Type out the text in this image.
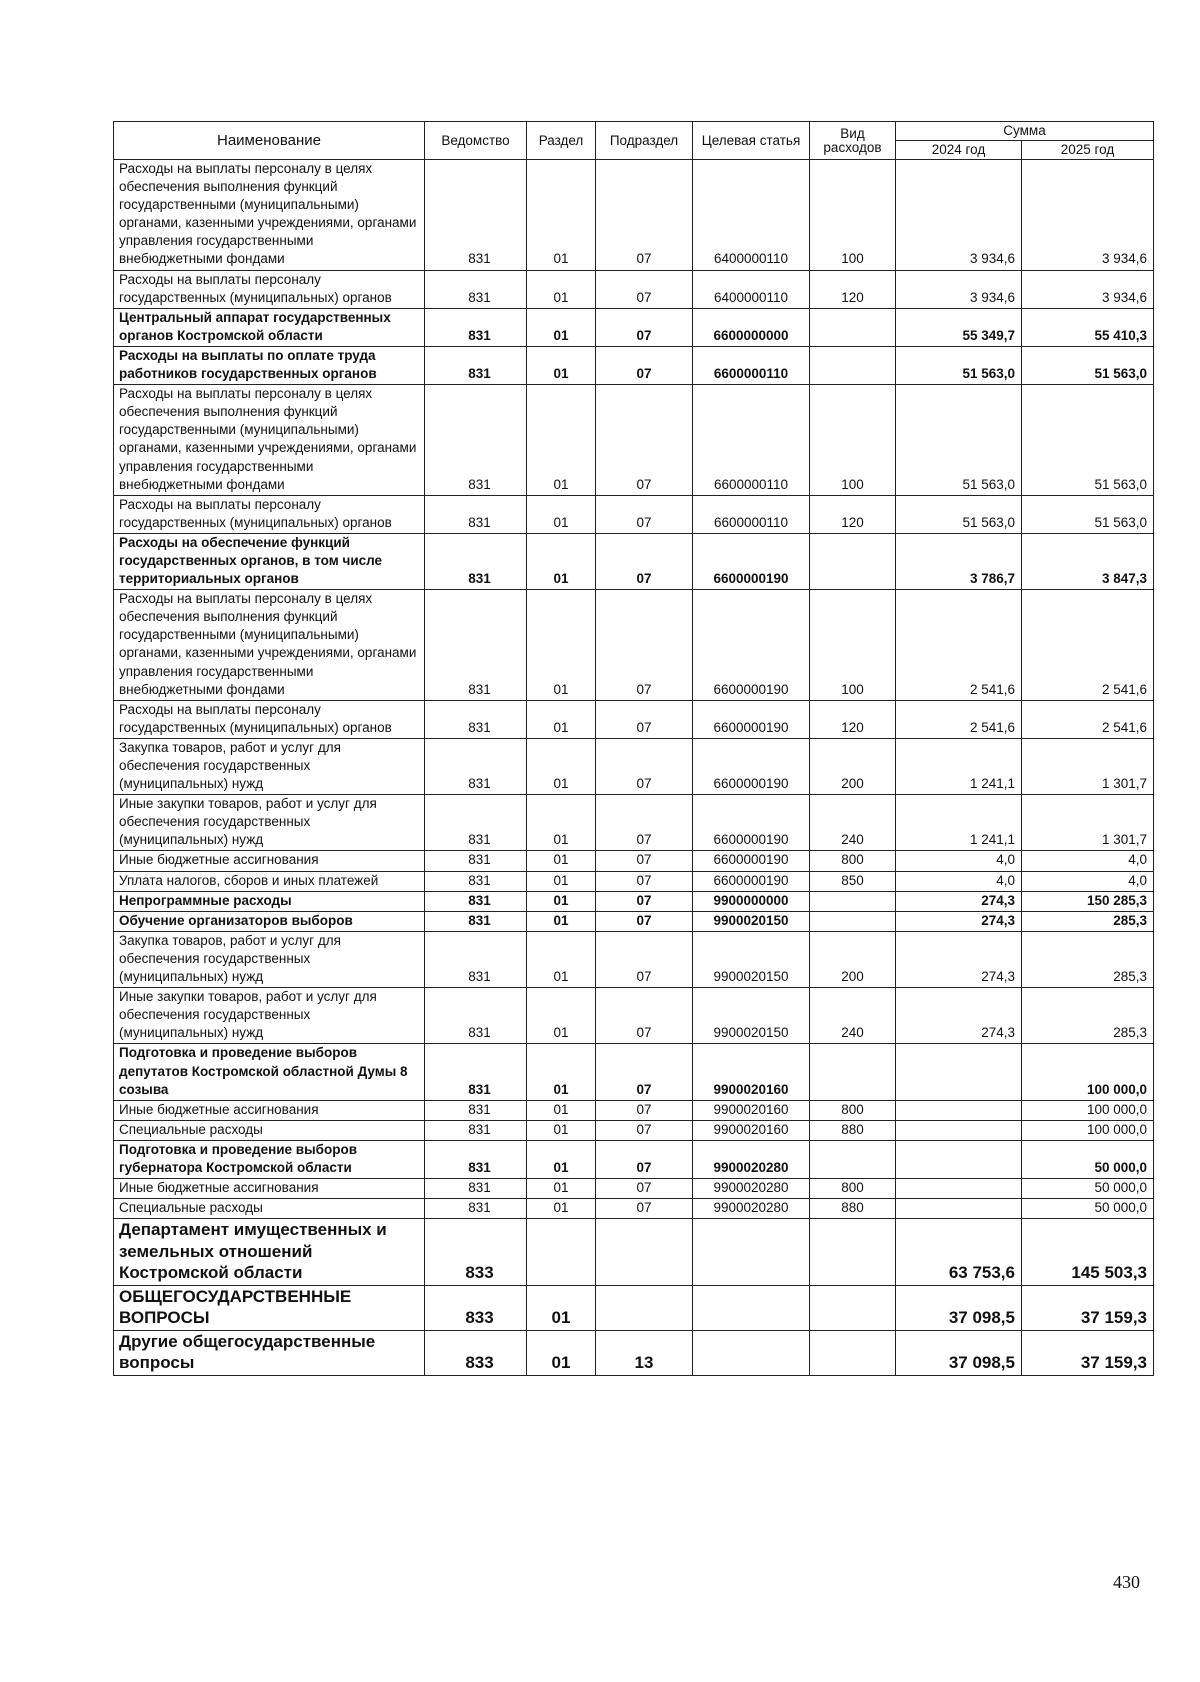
Наименование	Ведомство	Раздел	Подраздел	Целевая статья	Вид расходов	Сумма	
						2024 год	2025 год
Расходы на выплаты персоналу в целях обеспечения выполнения функций государственными (муниципальными) органами, казенными учреждениями, органами управления государственными внебюджетными фондами	831	01	07	6400000110	100	3 934,6	3 934,6
Расходы на выплаты персоналу государственных (муниципальных) органов	831	01	07	6400000110	120	3 934,6	3 934,6
Центральный аппарат государственных органов Костромской области	831	01	07	6600000000		55 349,7	55 410,3
Расходы на выплаты по оплате труда работников государственных органов	831	01	07	6600000110		51 563,0	51 563,0
Расходы на выплаты персоналу в целях обеспечения выполнения функций государственными (муниципальными) органами, казенными учреждениями, органами управления государственными внебюджетными фондами	831	01	07	6600000110	100	51 563,0	51 563,0
Расходы на выплаты персоналу государственных (муниципальных) органов	831	01	07	6600000110	120	51 563,0	51 563,0
Расходы на обеспечение функций государственных органов, в том числе территориальных органов	831	01	07	6600000190		3 786,7	3 847,3
Расходы на выплаты персоналу в целях обеспечения выполнения функций государственными (муниципальными) органами, казенными учреждениями, органами управления государственными внебюджетными фондами	831	01	07	6600000190	100	2 541,6	2 541,6
Расходы на выплаты персоналу государственных (муниципальных) органов	831	01	07	6600000190	120	2 541,6	2 541,6
Закупка товаров, работ и услуг для обеспечения государственных (муниципальных) нужд	831	01	07	6600000190	200	1 241,1	1 301,7
Иные закупки товаров, работ и услуг для обеспечения государственных (муниципальных) нужд	831	01	07	6600000190	240	1 241,1	1 301,7
Иные бюджетные ассигнования	831	01	07	6600000190	800	4,0	4,0
Уплата налогов, сборов и иных платежей	831	01	07	6600000190	850	4,0	4,0
Непрограммные расходы	831	01	07	9900000000		274,3	150 285,3
Обучение организаторов выборов	831	01	07	9900020150		274,3	285,3
Закупка товаров, работ и услуг для обеспечения государственных (муниципальных) нужд	831	01	07	9900020150	200	274,3	285,3
Иные закупки товаров, работ и услуг для обеспечения государственных (муниципальных) нужд	831	01	07	9900020150	240	274,3	285,3
Подготовка и проведение выборов депутатов Костромской областной Думы 8 созыва	831	01	07	9900020160			100 000,0
Иные бюджетные ассигнования	831	01	07	9900020160	800		100 000,0
Специальные расходы	831	01	07	9900020160	880		100 000,0
Подготовка и проведение выборов губернатора Костромской области	831	01	07	9900020280			50 000,0
Иные бюджетные ассигнования	831	01	07	9900020280	800		50 000,0
Специальные расходы	831	01	07	9900020280	880		50 000,0
Департамент имущественных и земельных отношений Костромской области	833					63 753,6	145 503,3
ОБЩЕГОСУДАРСТВЕННЫЕ ВОПРОСЫ	833	01				37 098,5	37 159,3
Другие общегосударственные вопросы	833	01	13			37 098,5	37 159,3
430
